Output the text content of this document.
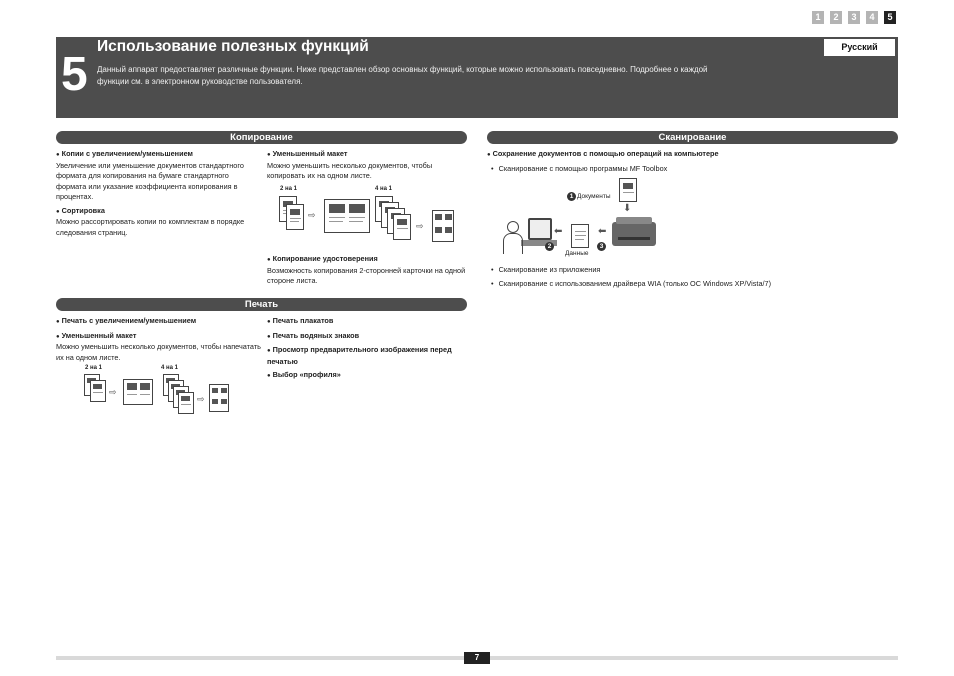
1	2	3	4	5
5
Использование полезных функций
Данный аппарат предоставляет различные функции. Ниже представлен обзор основных функций, которые можно использовать повседневно. Подробнее о каждой функции см. в электронном руководстве пользователя.
Русский
Копирование
● Копии с увеличением/уменьшением
Увеличение или уменьшение документов стандартного формата для копирования на бумаге стандартного формата или указание коэффициента копирования в процентах.
● Сортировка
Можно рассортировать копии по комплектам в порядке следования страниц.
● Уменьшенный макет
Можно уменьшить несколько документов, чтобы копировать их на одном листе.
2 на 1	4 на 1
⇨
⇨
● Копирование удостоверения
Возможность копирования 2-сторонней карточки на одной стороне листа.
Сканирование
● Сохранение документов с помощью операций на компьютере
• Сканирование с помощью программы MF Toolbox
1 Документы
⬇
3
⬅
Данные
⬅
2
• Сканирование из приложения
• Сканирование с использованием драйвера WIA (только ОС Windows XP/Vista/7)
Печать
● Печать с увеличением/уменьшением
● Уменьшенный макет
Можно уменьшить несколько документов, чтобы напечатать их на одном листе.
2 на 1	4 на 1
⇨
⇨
● Печать плакатов
● Печать водяных знаков
● Просмотр предварительного изображения перед печатью
● Выбор «профиля»
7
